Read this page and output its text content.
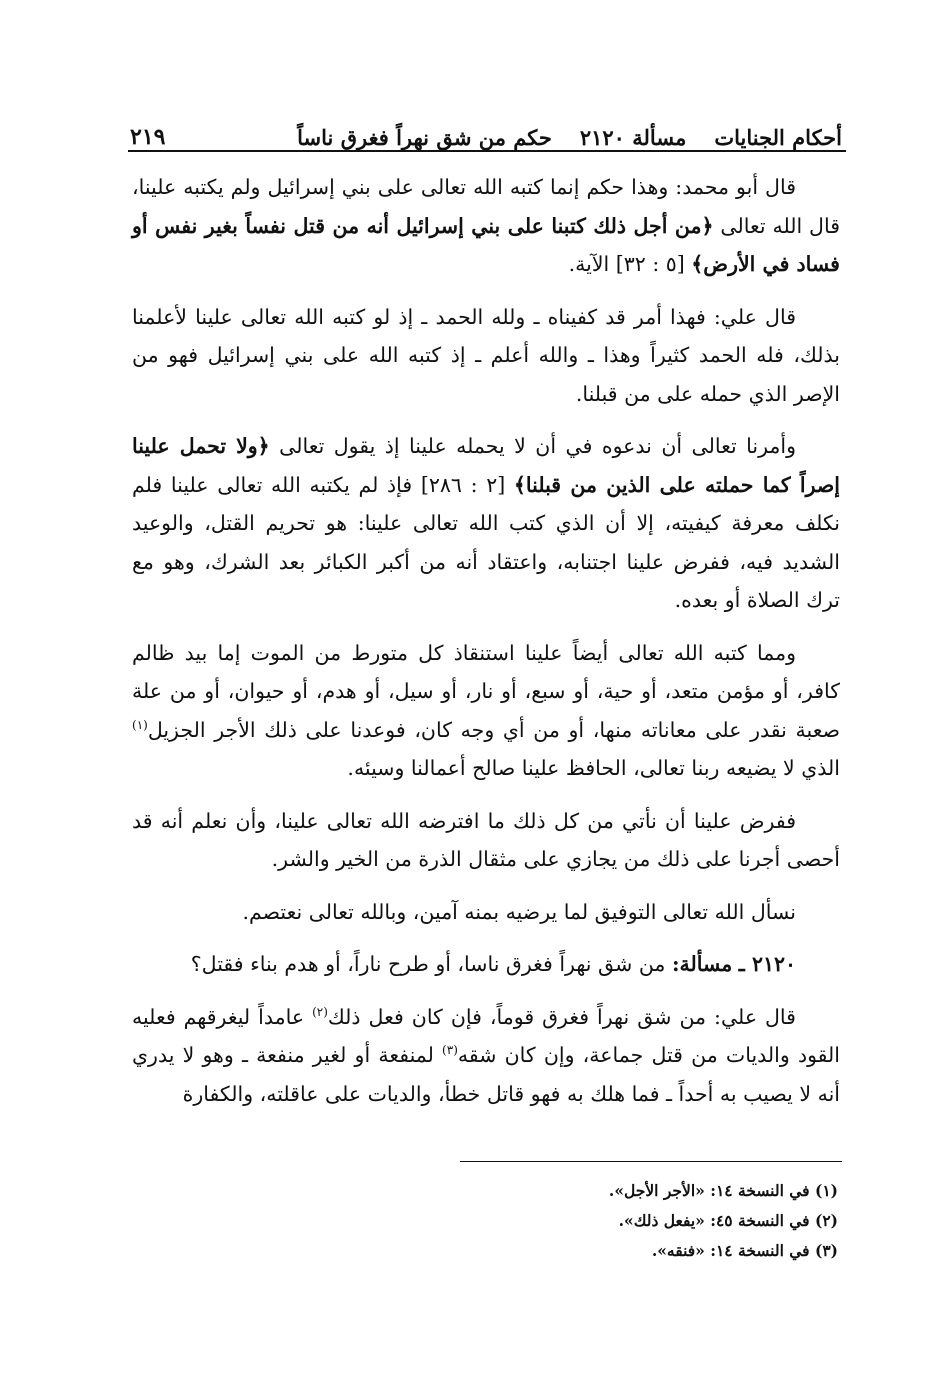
أحكام الجنايات
مسألة ٢١٢٠
حكم من شق نهراً فغرق ناساً
٢١٩

قال أبو محمد: وهذا حكم إنما كتبه الله تعالى على بني إسرائيل ولم يكتبه علينا، قال الله تعالى ﴿من أجل ذلك كتبنا على بني إسرائيل أنه من قتل نفساً بغير نفس أو فساد في الأرض﴾ [٥ : ٣٢] الآية.

قال علي: فهذا أمر قد كفيناه ـ ولله الحمد ـ إذ لو كتبه الله تعالى علينا لأعلمنا بذلك، فله الحمد كثيراً وهذا ـ والله أعلم ـ إذ كتبه الله على بني إسرائيل فهو من الإصر الذي حمله على من قبلنا.

وأمرنا تعالى أن ندعوه في أن لا يحمله علينا إذ يقول تعالى ﴿ولا تحمل علينا إصراً كما حملته على الذين من قبلنا﴾ [٢ : ٢٨٦] فإذ لم يكتبه الله تعالى علينا فلم نكلف معرفة كيفيته، إلا أن الذي كتب الله تعالى علينا: هو تحريم القتل، والوعيد الشديد فيه، ففرض علينا اجتنابه، واعتقاد أنه من أكبر الكبائر بعد الشرك، وهو مع ترك الصلاة أو بعده.

ومما كتبه الله تعالى أيضاً علينا استنقاذ كل متورط من الموت إما بيد ظالم كافر، أو مؤمن متعد، أو حية، أو سبع، أو نار، أو سيل، أو هدم، أو حيوان، أو من علة صعبة نقدر على معاناته منها، أو من أي وجه كان، فوعدنا على ذلك الأجر الجزيل$^{(١)}$ الذي لا يضيعه ربنا تعالى، الحافظ علينا صالح أعمالنا وسيئه.

ففرض علينا أن نأتي من كل ذلك ما افترضه الله تعالى علينا، وأن نعلم أنه قد أحصى أجرنا على ذلك من يجازي على مثقال الذرة من الخير والشر.

نسأل الله تعالى التوفيق لما يرضيه بمنه آمين، وبالله تعالى نعتصم.

٢١٢٠ ـ مسألة: من شق نهراً فغرق ناسا، أو طرح ناراً، أو هدم بناء فقتل؟

قال علي: من شق نهراً فغرق قوماً، فإن كان فعل ذلك$^{(٢)}$ عامداً ليغرقهم فعليه القود والديات من قتل جماعة، وإن كان شقه$^{(٣)}$ لمنفعة أو لغير منفعة ـ وهو لا يدري أنه لا يصيب به أحداً ـ فما هلك به فهو قاتل خطأ، والديات على عاقلته، والكفارة

(١) في النسخة ١٤: «الأجر الأجل».

(٢) في النسخة ٤٥: «يفعل ذلك».

(٣) في النسخة ١٤: «فنقه».
